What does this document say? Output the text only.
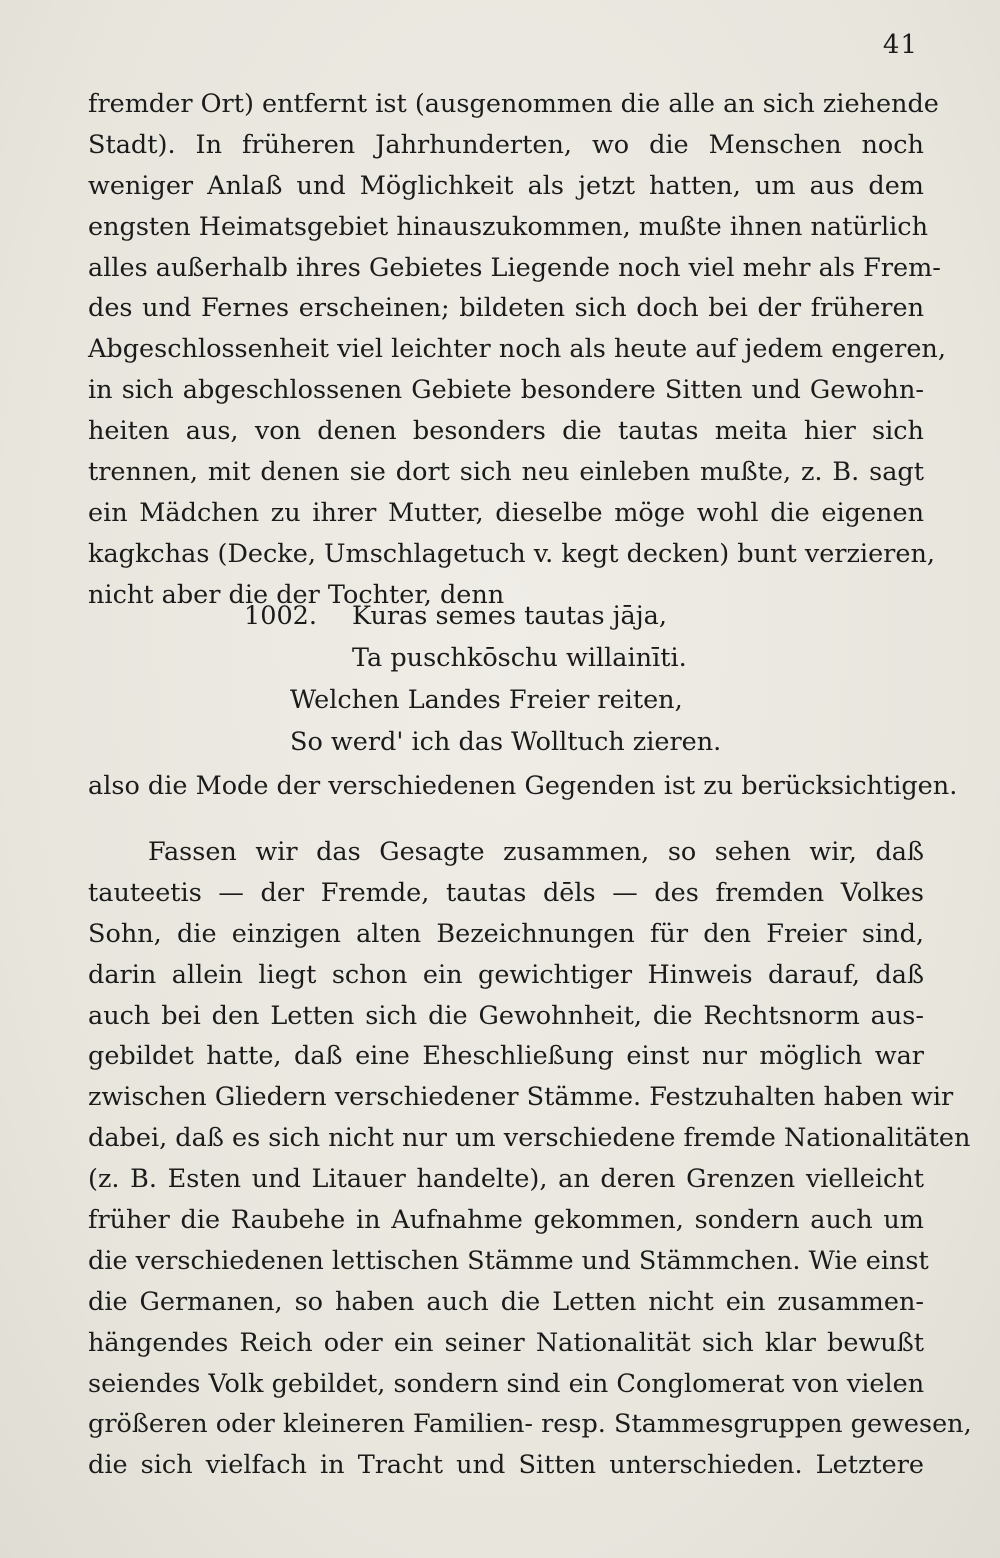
41
fremder Ort) entfernt ist (ausgenommen die alle an sich ziehende
Stadt). In früheren Jahrhunderten, wo die Menschen noch
weniger Anlaß und Möglichkeit als jetzt hatten, um aus dem
engsten Heimatsgebiet hinauszukommen, mußte ihnen natürlich
alles außerhalb ihres Gebietes Liegende noch viel mehr als Frem-
des und Fernes erscheinen; bildeten sich doch bei der früheren
Abgeschlossenheit viel leichter noch als heute auf jedem engeren,
in sich abgeschlossenen Gebiete besondere Sitten und Gewohn-
heiten aus, von denen besonders die tautas meita hier sich
trennen, mit denen sie dort sich neu einleben mußte, z. B. sagt
ein Mädchen zu ihrer Mutter, dieselbe möge wohl die eigenen
kagkchas (Decke, Umschlagetuch v. kegt decken) bunt verzieren,
nicht aber die der Tochter, denn
1002. Kuras semes tautas jāja,
Ta puschkōschu willainīti.
Welchen Landes Freier reiten,
So werd' ich das Wolltuch zieren.
also die Mode der verschiedenen Gegenden ist zu berücksichtigen.
Fassen wir das Gesagte zusammen, so sehen wir, daß
tauteetis — der Fremde, tautas dēls — des fremden Volkes
Sohn, die einzigen alten Bezeichnungen für den Freier sind,
darin allein liegt schon ein gewichtiger Hinweis darauf, daß
auch bei den Letten sich die Gewohnheit, die Rechtsnorm aus-
gebildet hatte, daß eine Eheschließung einst nur möglich war
zwischen Gliedern verschiedener Stämme. Festzuhalten haben wir
dabei, daß es sich nicht nur um verschiedene fremde Nationalitäten
(z. B. Esten und Litauer handelte), an deren Grenzen vielleicht
früher die Raubehe in Aufnahme gekommen, sondern auch um
die verschiedenen lettischen Stämme und Stämmchen. Wie einst
die Germanen, so haben auch die Letten nicht ein zusammen-
hängendes Reich oder ein seiner Nationalität sich klar bewußt
seiendes Volk gebildet, sondern sind ein Conglomerat von vielen
größeren oder kleineren Familien- resp. Stammesgruppen gewesen,
die sich vielfach in Tracht und Sitten unterschieden. Letztere
